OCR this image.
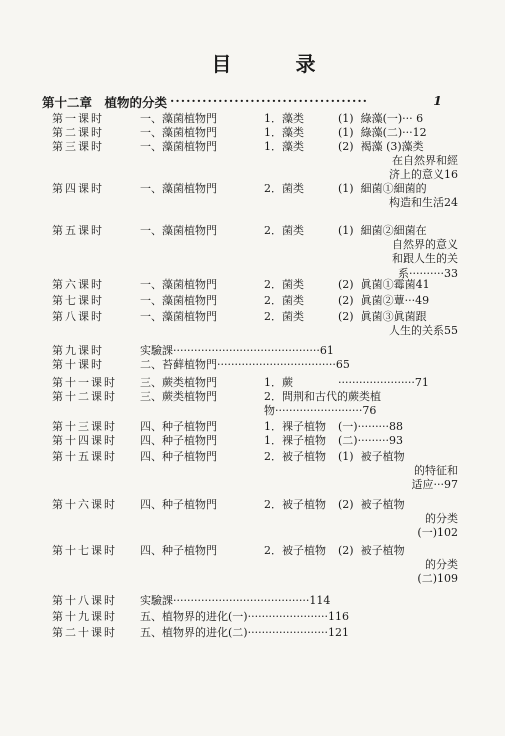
目　录
第十二章　植物的分类 ·····································	1
第一课时	一、藻菌植物門	1．藻类	(1)  綠藻(一)··· 6
第二课时	一、藻菌植物門	1．藻类	(1)  綠藻(二)···12
第三课时	一、藻菌植物門	1．藻类	(2)  褐藻 (3)藻类
在自然界和經
济上的意义16
第四课时	一、藻菌植物門	2．菌类	(1)  細菌①細菌的
构造和生活24
第五课时	一、藻菌植物門	2．菌类	(1)  細菌②細菌在
自然界的意义
和跟人生的关
系··········33
第六课时	一、藻菌植物門	2．菌类	(2)  眞菌①霉菌41
第七课时	一、藻菌植物門	2．菌类	(2)  眞菌②蕈···49
第八课时	一、藻菌植物門	2．菌类	(2)  眞菌③眞菌跟
人生的关系55
第九课时	实驗課··········································61
第十课时	二、苔藓植物門··································65
第十一课时	三、蕨类植物門	1．蕨	······················71
第十二课时	三、蕨类植物門	2．問荆和古代的蕨类植
物·························76
第十三课时	四、种子植物門	1．裸子植物	(一)·········88
第十四课时	四、种子植物門	1．裸子植物	(二)·········93
第十五课时	四、种子植物門	2．被子植物	(1)  被子植物
的特征和
适应···97
第十六课时	四、种子植物門	2．被子植物	(2)  被子植物
的分类
(一)102
第十七课时	四、种子植物門	2．被子植物	(2)  被子植物
的分类
(二)109
第十八课时	实驗課·······································114
第十九课时	五、植物界的进化(一)·······················116
第二十课时	五、植物界的进化(二)·······················121
